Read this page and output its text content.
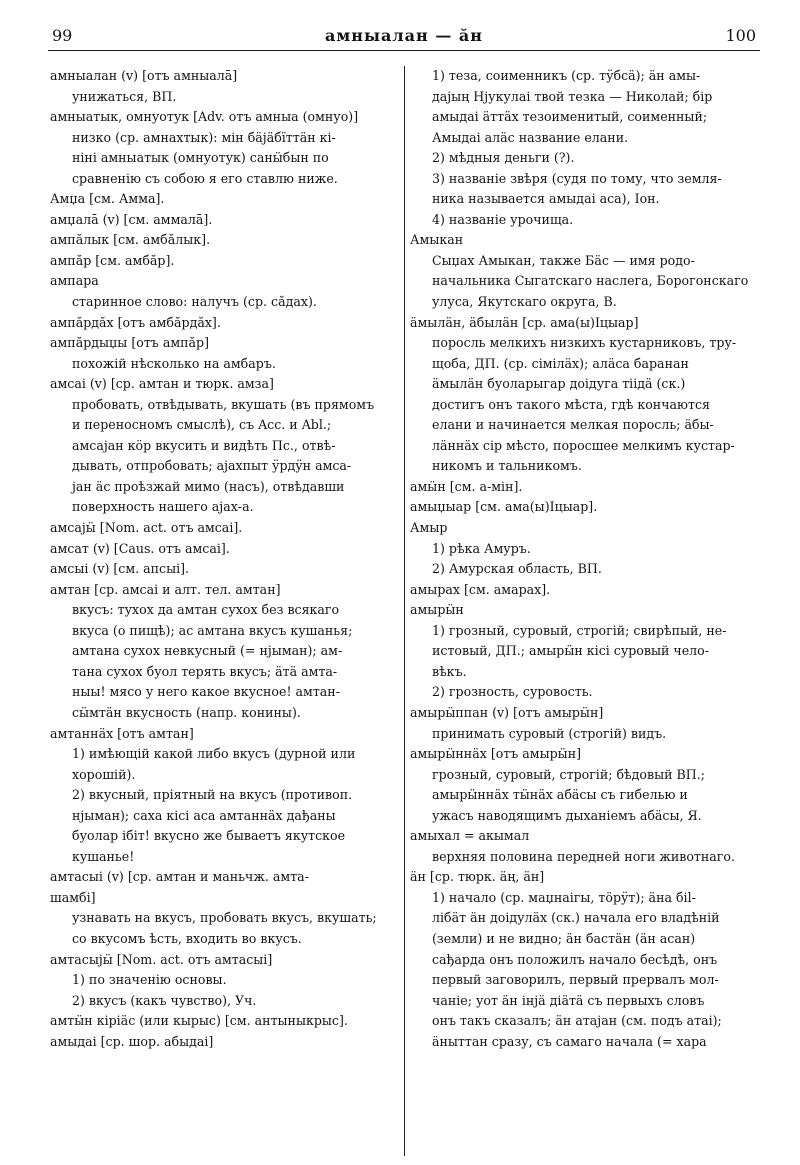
99	амныалан — ӑн	100
амныалан (v) [отъ амныалā]
унижаться, ВП.
амныатык, омнуотук [Adv. отъ амныа (омнуо)]
низко (ср. амнахтык): мін бӓјӓбїттӓн кі-
ніні амныатык (омнуотук) санӹбын по
сравненію съ собою я его ставлю ниже.
Амџа [см. Амма].
амџалā (v) [см. аммалā].
ампӑлык [см. амбӑлык].
ампӑр [см. амбӑр].
ампара
старинное слово: налучъ (ср. сӑдах).
ампӑрдӑх [отъ амбӑрдӑх].
ампӑрдыџы [отъ ампӑр]
похожій нѣсколько на амбаръ.
амсаі (v) [ср. амтан и тюрк. амза]
пробовать, отвѣдывать, вкушать (въ прямомъ
и переносномъ смыслѣ), съ Acc. и Abl.;
амсаjан кӧр вкусить и видѣть Пс., отвѣ-
дывать, отпробовать; аjахпыт ӱрдӱн амса-
јан ӓс проѣзжай мимо (насъ), отвѣдавши
поверхность нашего аjах-а.
амсаjӹ [Nom. act. отъ амсаі].
амсат (v) [Caus. отъ амсаі].
амсыі (v) [см. апсыі].
амтан [ср. амсаі и алт. тел. амтан]
вкусъ: тухох да амтан сухох без всякаго
вкуса (о пищѣ); ас амтана вкусъ кушанья;
амтана сухох невкусный (= нјыман); ам-
тана сухох буол терять вкусъ; ӓтӓ амта-
ныы! мясо у него какое вкусное! амтан-
сӹмтӓн вкусность (напр. конины).
амтаннӓх [отъ амтан]
1) имѣющій какой либо вкусъ (дурной или
хорошій).
2) вкусный, пріятный на вкусъ (противоп.
нјыман); саха кісі аса амтаннӓх дађаны
буолар ібіт! вкусно же бываетъ якутское
кушанье!
амтасыі (v) [ср. амтан и маньчж. амта-
шамбі]
узнавать на вкусъ, пробовать вкусъ, вкушать;
со вкусомъ ѣсть, входить во вкусъ.
амтасыjӹ [Nom. act. отъ амтасыі]
1) по значенію основы.
2) вкусъ (какъ чувство), Уч.
амтӹн кіріӓс (или кырыс) [см. антыныкрыс].
амыдаі [ср. шор. абыдаі]
1) теза, соименникъ (ср. тӱбсӓ); ӓн амы-
даjың Нјукулаі твой тезка — Николай; бір
амыдаі ӓттӓх тезоименитый, соименный;
Амыдаі алӓс название елани.
2) мѣдныя деньги (?).
3) названіе звѣря (судя по тому, что земля-
ника называется амыдаі аса), Іон.
4) названіе урочища.
Амыкан
Сыџах Амыкан, также Бӓс — имя родо-
начальника Сыгатскаго наслега, Борогонскаго
улуса, Якутскаго округа, В.
ӓмылӓн, ӓбылӓн [ср. ама(ы)Іцыар]
поросль мелкихъ низкихъ кустарниковъ, тру-
щоба, ДП. (ср. сімілӓх); алӓса баранан
ӓмылӓн буоларыгар доідуга тіідӓ (ск.)
достигъ онъ такого мѣста, гдѣ кончаются
елани и начинается мелкая поросль; ӓбы-
лӓннӓх сір мѣсто, поросшее мелкимъ кустар-
никомъ и тальникомъ.
амӹн [см. а-мін].
амыџыар [см. ама(ы)Іцыар].
Амыр
1) рѣка Амуръ.
2) Амурская область, ВП.
амырах [см. амарах].
амырӹн
1) грозный, суровый, строгій; свирѣпый, не-
истовый, ДП.; амырӹн кісі суровый чело-
вѣкъ.
2) грозность, суровость.
амырӹппан (v) [отъ амырӹн]
принимать суровый (строгій) видъ.
амырӹннӓх [отъ амырӹн]
грозный, суровый, строгій; бѣдовый ВП.;
амырӹннӓх тӹнӓх абӓсы съ гибелью и
ужасъ наводящимъ дыханіемъ абӓсы, Я.
амыхал = акымал
верхняя половина передней ноги животнаго.
ӓн [ср. тюрк. ӓң, ӓн]
1) начало (ср. маџнаігы, тӧрӱт); ӓна біl-
лібӓт ӓн доідулӓх (ск.) начала его владѣній
(земли) и не видно; ӓн бастӓн (ӓн асан)
сађарда онъ положилъ начало бесѣдѣ, онъ
первый заговорилъ, первый прервалъ мол-
чаніе; уот ӓн інjӓ діӓтӓ съ первыхъ словъ
онъ такъ сказалъ; ӓн атаjан (см. подъ атаі);
ӓныттан сразу, съ самаго начала (= хара
